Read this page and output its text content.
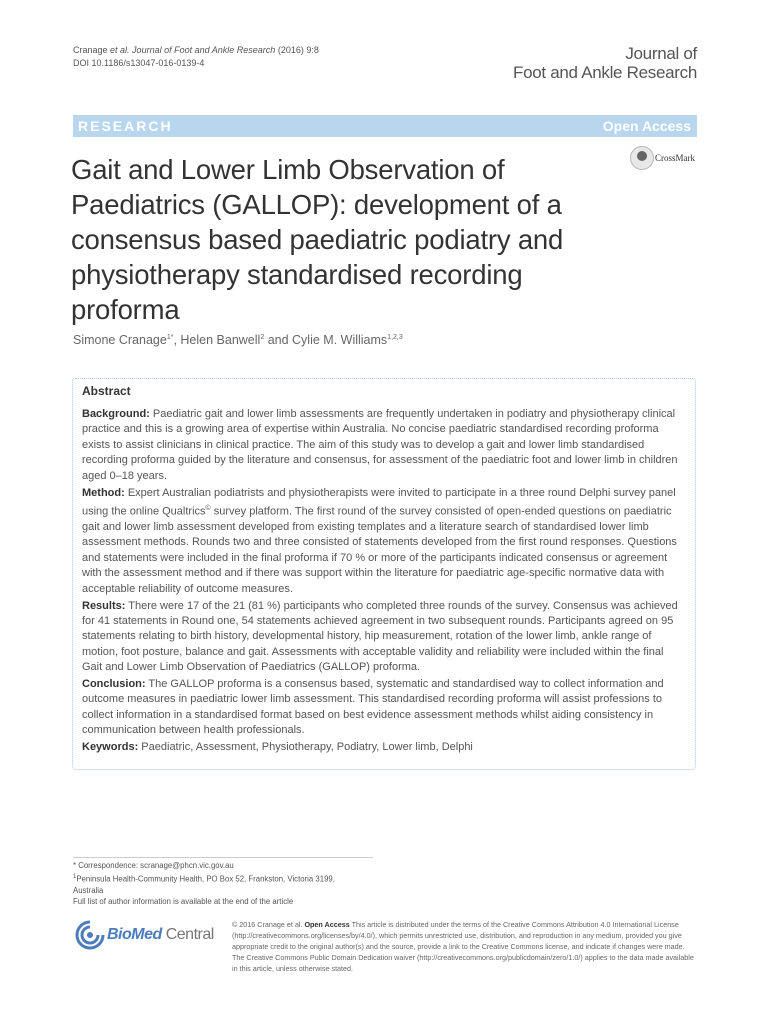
Cranage et al. Journal of Foot and Ankle Research (2016) 9:8
DOI 10.1186/s13047-016-0139-4	Journal of
Foot and Ankle Research
RESEARCH	Open Access
Gait and Lower Limb Observation of Paediatrics (GALLOP): development of a consensus based paediatric podiatry and physiotherapy standardised recording proforma
CrossMark
Simone Cranage$^{1*}$, Helen Banwell$^2$ and Cylie M. Williams$^{1,2,3}$
Abstract

Background: Paediatric gait and lower limb assessments are frequently undertaken in podiatry and physiotherapy clinical practice and this is a growing area of expertise within Australia. No concise paediatric standardised recording proforma exists to assist clinicians in clinical practice. The aim of this study was to develop a gait and lower limb standardised recording proforma guided by the literature and consensus, for assessment of the paediatric foot and lower limb in children aged 0–18 years.

Method: Expert Australian podiatrists and physiotherapists were invited to participate in a three round Delphi survey panel using the online Qualtrics© survey platform. The first round of the survey consisted of open-ended questions on paediatric gait and lower limb assessment developed from existing templates and a literature search of standardised lower limb assessment methods. Rounds two and three consisted of statements developed from the first round responses. Questions and statements were included in the final proforma if 70 % or more of the participants indicated consensus or agreement with the assessment method and if there was support within the literature for paediatric age-specific normative data with acceptable reliability of outcome measures.

Results: There were 17 of the 21 (81 %) participants who completed three rounds of the survey. Consensus was achieved for 41 statements in Round one, 54 statements achieved agreement in two subsequent rounds. Participants agreed on 95 statements relating to birth history, developmental history, hip measurement, rotation of the lower limb, ankle range of motion, foot posture, balance and gait. Assessments with acceptable validity and reliability were included within the final Gait and Lower Limb Observation of Paediatrics (GALLOP) proforma.

Conclusion: The GALLOP proforma is a consensus based, systematic and standardised way to collect information and outcome measures in paediatric lower limb assessment. This standardised recording proforma will assist professions to collect information in a standardised format based on best evidence assessment methods whilst aiding consistency in communication between health professionals.

Keywords: Paediatric, Assessment, Physiotherapy, Podiatry, Lower limb, Delphi

* Correspondence: scranage@phcn.vic.gov.au
$^1$Peninsula Health-Community Health, PO Box 52, Frankston, Victoria 3199,
Australia
Full list of author information is available at the end of the article
BioMed Central
© 2016 Cranage et al. Open Access This article is distributed under the terms of the Creative Commons Attribution 4.0 International License (http://creativecommons.org/licenses/by/4.0/), which permits unrestricted use, distribution, and reproduction in any medium, provided you give appropriate credit to the original author(s) and the source, provide a link to the Creative Commons license, and indicate if changes were made. The Creative Commons Public Domain Dedication waiver (http://creativecommons.org/publicdomain/zero/1.0/) applies to the data made available in this article, unless otherwise stated.
